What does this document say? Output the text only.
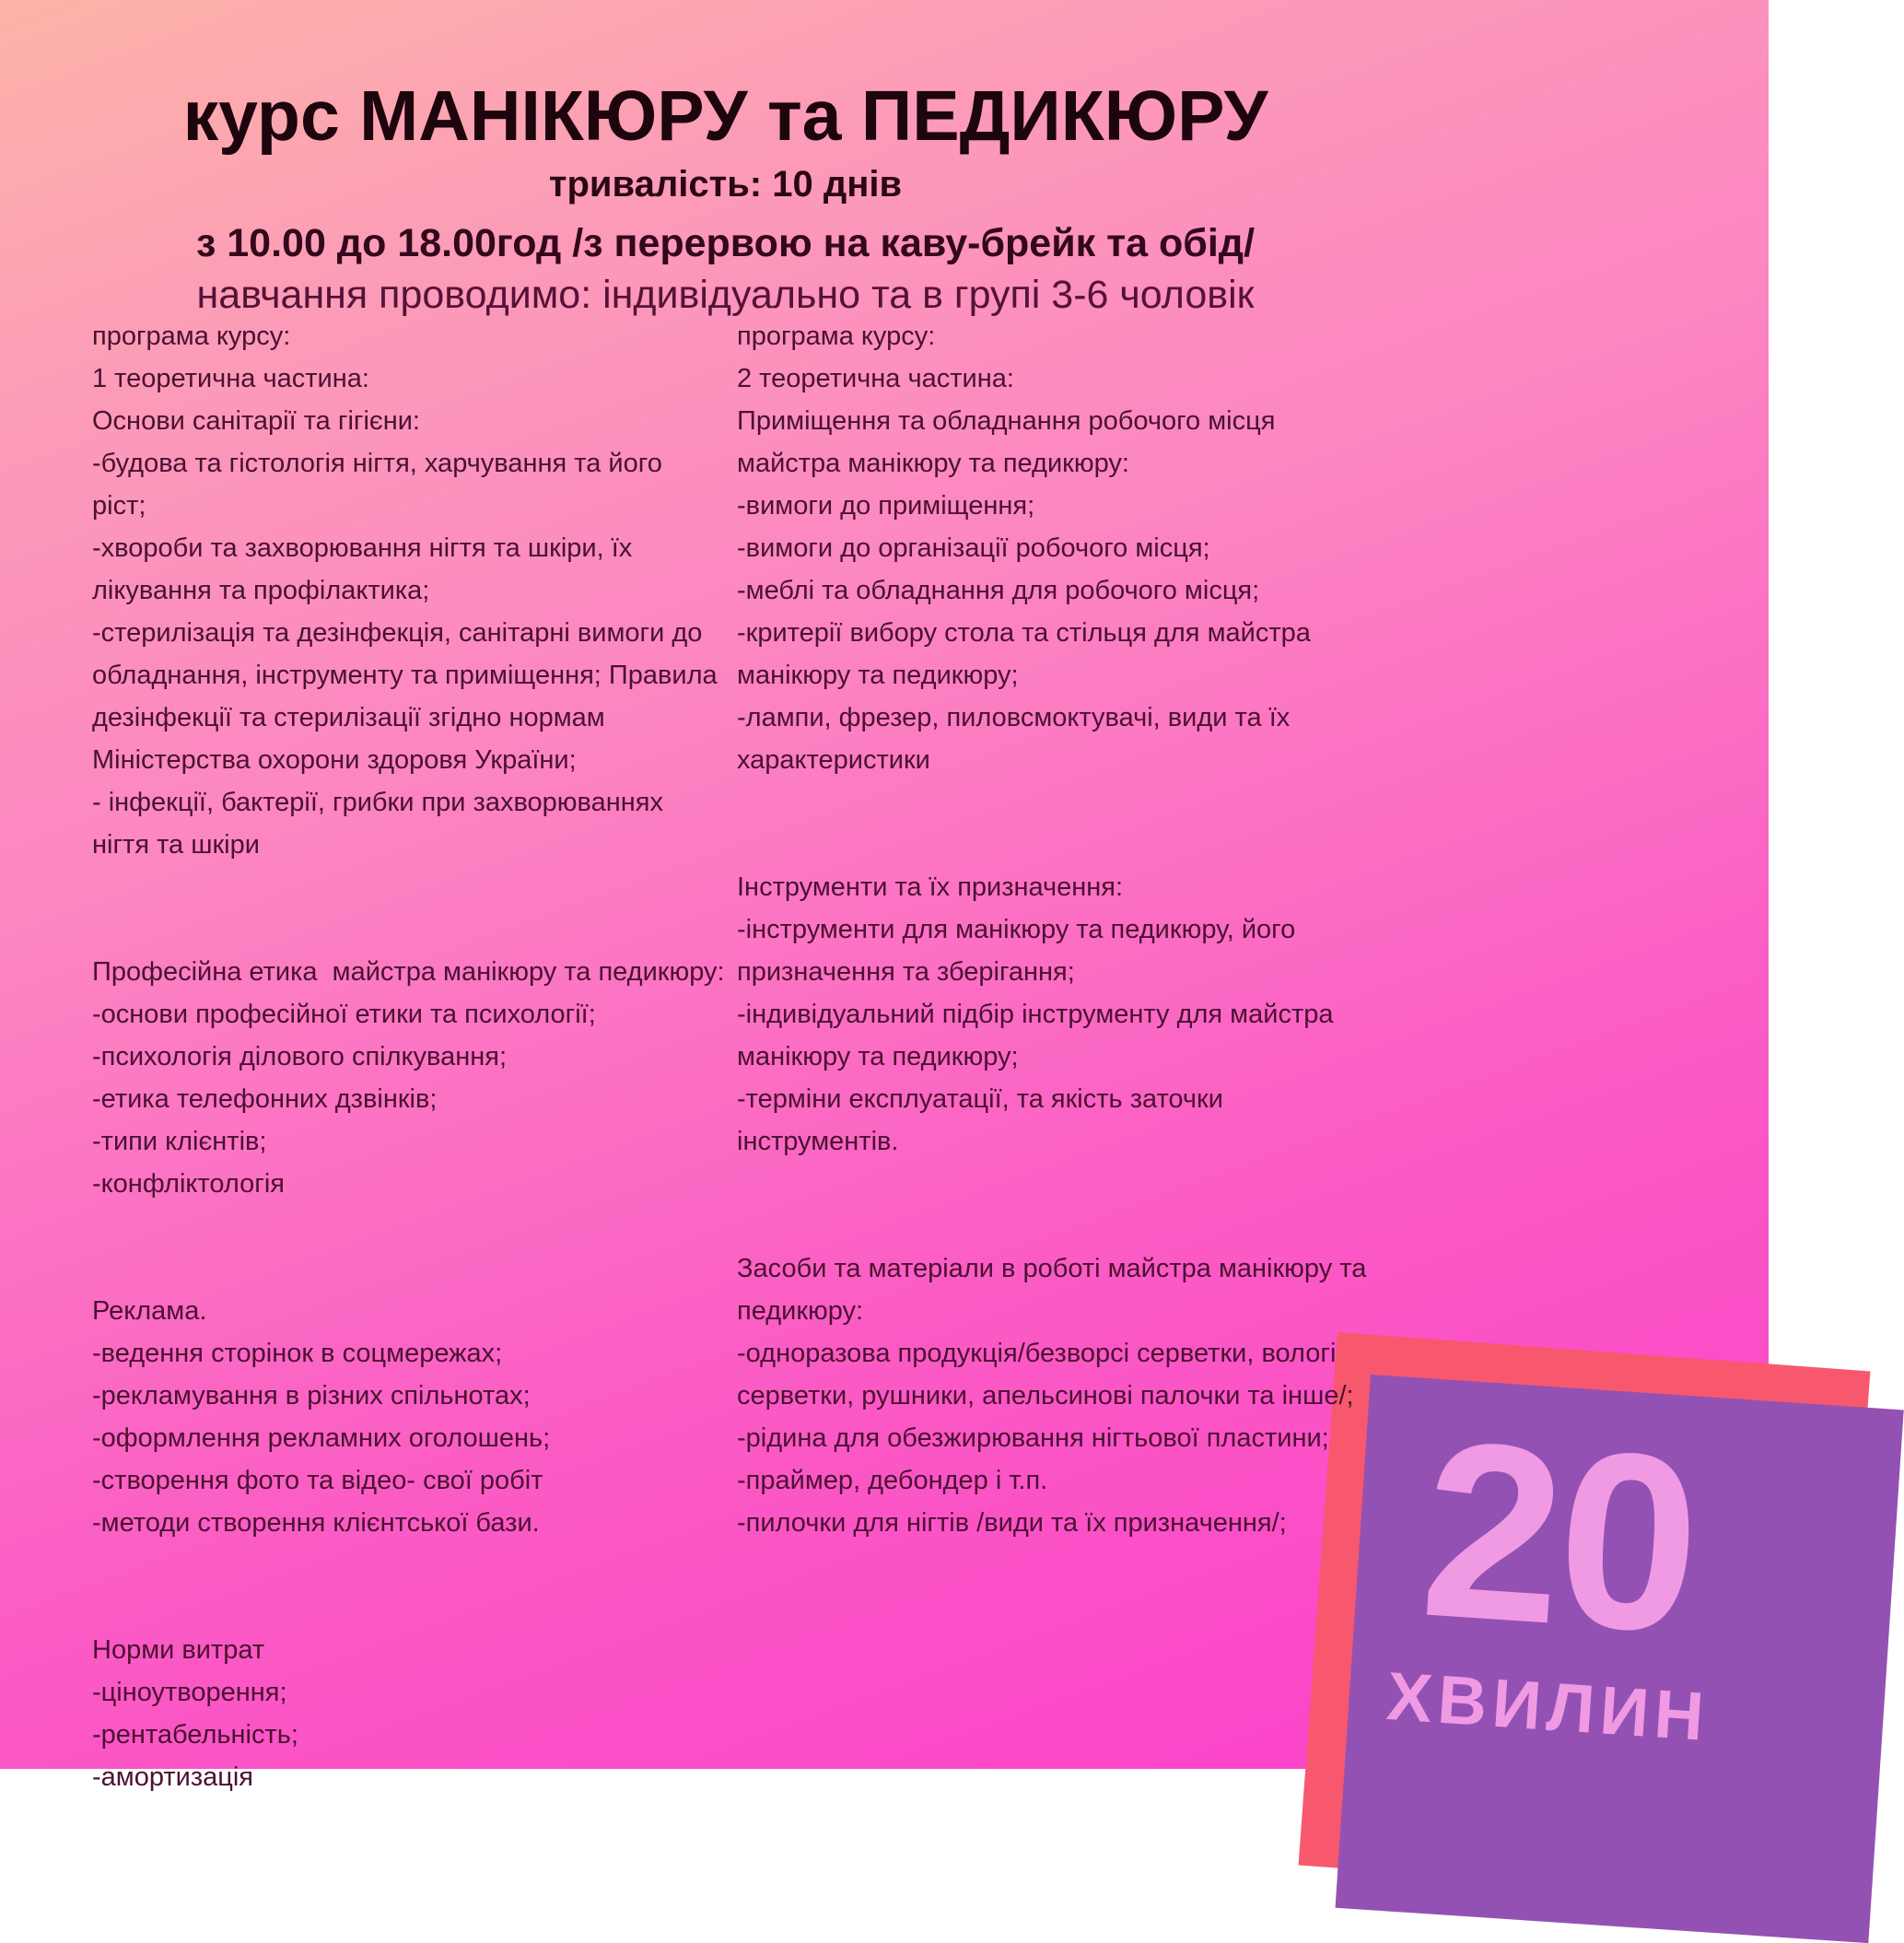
курс МАНІКЮРУ та ПЕДИКЮРУ
тривалість: 10 днів
з 10.00 до 18.00год /з перервою на каву-брейк та обід/
навчання проводимо: індивідуально та в групі 3-6 чоловік
програма курсу:
1 теоретична частина:
Основи санітарії та гігієни:
-будова та гістологія нігтя, харчування та його
ріст;
-хвороби та захворювання нігтя та шкіри, їх
лікування та профілактика;
-стерилізація та дезінфекція, санітарні вимоги до
обладнання, інструменту та приміщення; Правила
дезінфекції та стерилізації згідно нормам
Міністерства охорони здоровя України;
- інфекції, бактерії, грибки при захворюваннях
нігтя та шкіри
Професійна етика  майстра манікюру та педикюру:
-основи професійної етики та психології;
-психологія ділового спілкування;
-етика телефонних дзвінків;
-типи клієнтів;
-конфліктологія
Реклама.
-ведення сторінок в соцмережах;
-рекламування в різних спільнотах;
-оформлення рекламних оголошень;
-створення фото та відео- свої робіт
-методи створення клієнтської бази.
Норми витрат
-ціноутворення;
-рентабельність;
-амортизація
програма курсу:
2 теоретична частина:
Приміщення та обладнання робочого місця
майстра манікюру та педикюру:
-вимоги до приміщення;
-вимоги до організації робочого місця;
-меблі та обладнання для робочого місця;
-критерії вибору стола та стільця для майстра
манікюру та педикюру;
-лампи, фрезер, пиловсмоктувачі, види та їх
характеристики
Інструменти та їх призначення:
-інструменти для манікюру та педикюру, його
призначення та зберігання;
-індивідуальний підбір інструменту для майстра
манікюру та педикюру;
-терміни експлуатації, та якість заточки
інструментів.
Засоби та матеріали в роботі майстра манікюру та
педикюру:
-одноразова продукція/безворсі серветки, вологі
серветки, рушники, апельсинові палочки та інше/;
-рідина для обезжирювання нігтьової пластини;
-праймер, дебондер і т.п.
-пилочки для нігтів /види та їх призначення/; 20
ХВИЛИН
